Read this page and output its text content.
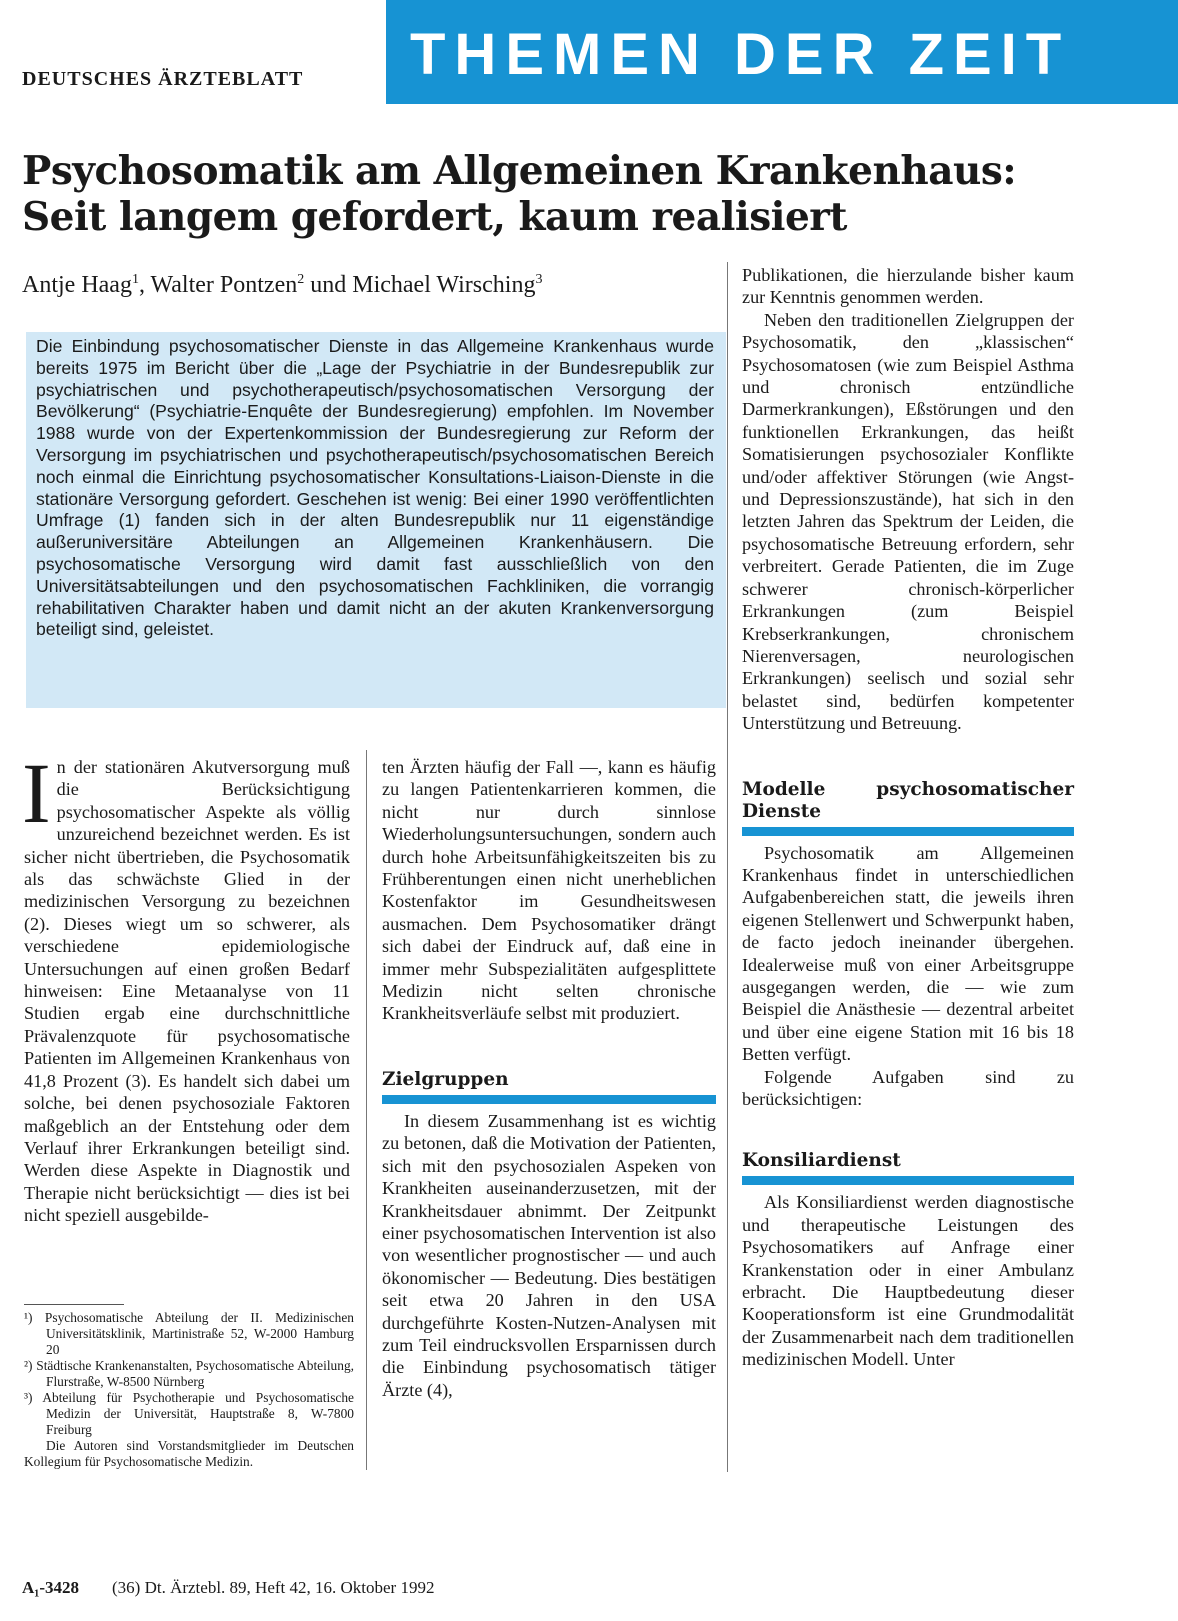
DEUTSCHES ÄRZTEBLATT THEMEN DER ZEIT
Psychosomatik am Allgemeinen Krankenhaus:
Seit langem gefordert, kaum realisiert
Antje Haag$^1$, Walter Pontzen$^2$ und Michael Wirsching$^3$
Die Einbindung psychosomatischer Dienste in das Allgemeine Krankenhaus wurde bereits 1975 im Bericht über die „Lage der Psychiatrie in der Bundesrepublik zur psychiatrischen und psychotherapeutisch/psychosomatischen Versorgung der Bevölkerung“ (Psychiatrie-Enquête der Bundesregierung) empfohlen. Im November 1988 wurde von der Expertenkommission der Bundesregierung zur Reform der Versorgung im psychiatrischen und psychotherapeutisch/psychosomatischen Bereich noch einmal die Einrichtung psychosomatischer Konsultations-Liaison-Dienste in die stationäre Versorgung gefordert. Geschehen ist wenig: Bei einer 1990 veröffentlichten Umfrage (1) fanden sich in der alten Bundesrepublik nur 11 eigenständige außeruniversitäre Abteilungen an Allgemeinen Krankenhäusern. Die psychosomatische Versorgung wird damit fast ausschließlich von den Universitätsabteilungen und den psychosomatischen Fachkliniken, die vorrangig rehabilitativen Charakter haben und damit nicht an der akuten Krankenversorgung beteiligt sind, geleistet.

In der stationären Akutversorgung muß die Berücksichtigung psychosomatischer Aspekte als völlig unzureichend bezeichnet werden. Es ist sicher nicht übertrieben, die Psychosomatik als das schwächste Glied in der medizinischen Versorgung zu bezeichnen (2). Dieses wiegt um so schwerer, als verschiedene epidemiologische Untersuchungen auf einen großen Bedarf hinweisen: Eine Metaanalyse von 11 Studien ergab eine durchschnittliche Prävalenzquote für psychosomatische Patienten im Allgemeinen Krankenhaus von 41,8 Prozent (3). Es handelt sich dabei um solche, bei denen psychosoziale Faktoren maßgeblich an der Entstehung oder dem Verlauf ihrer Erkrankungen beteiligt sind. Werden diese Aspekte in Diagnostik und Therapie nicht berücksichtigt — dies ist bei nicht speziell ausgebilde-

¹) Psychosomatische Abteilung der II. Medizinischen Universitätsklinik, Martinistraße 52, W-2000 Hamburg 20
²) Städtische Krankenanstalten, Psychosomatische Abteilung, Flurstraße, W-8500 Nürnberg
³) Abteilung für Psychotherapie und Psychosomatische Medizin der Universität, Hauptstraße 8, W-7800 Freiburg
Die Autoren sind Vorstandsmitglieder im Deutschen Kollegium für Psychosomatische Medizin.

ten Ärzten häufig der Fall —, kann es häufig zu langen Patientenkarrieren kommen, die nicht nur durch sinnlose Wiederholungsuntersuchungen, sondern auch durch hohe Arbeitsunfähigkeitszeiten bis zu Frühberentungen einen nicht unerheblichen Kostenfaktor im Gesundheitswesen ausmachen. Dem Psychosomatiker drängt sich dabei der Eindruck auf, daß eine in immer mehr Subspezialitäten aufgesplittete Medizin nicht selten chronische Krankheitsverläufe selbst mit produziert.

Zielgruppen

In diesem Zusammenhang ist es wichtig zu betonen, daß die Motivation der Patienten, sich mit den psychosozialen Aspeken von Krankheiten auseinanderzusetzen, mit der Krankheitsdauer abnimmt. Der Zeitpunkt einer psychosomatischen Intervention ist also von wesentlicher prognostischer — und auch ökonomischer — Bedeutung. Dies bestätigen seit etwa 20 Jahren in den USA durchgeführte Kosten-Nutzen-Analysen mit zum Teil eindrucksvollen Ersparnissen durch die Einbindung psychosomatisch tätiger Ärzte (4),

Publikationen, die hierzulande bisher kaum zur Kenntnis genommen werden.

Neben den traditionellen Zielgruppen der Psychosomatik, den „klassischen“ Psychosomatosen (wie zum Beispiel Asthma und chronisch entzündliche Darmerkrankungen), Eßstörungen und den funktionellen Erkrankungen, das heißt Somatisierungen psychosozialer Konflikte und/oder affektiver Störungen (wie Angst- und Depressionszustände), hat sich in den letzten Jahren das Spektrum der Leiden, die psychosomatische Betreuung erfordern, sehr verbreitert. Gerade Patienten, die im Zuge schwerer chronisch-körperlicher Erkrankungen (zum Beispiel Krebserkrankungen, chronischem Nierenversagen, neurologischen Erkrankungen) seelisch und sozial sehr belastet sind, bedürfen kompetenter Unterstützung und Betreuung.

Modelle psychosomatischer Dienste

Psychosomatik am Allgemeinen Krankenhaus findet in unterschiedlichen Aufgabenbereichen statt, die jeweils ihren eigenen Stellenwert und Schwerpunkt haben, de facto jedoch ineinander übergehen. Idealerweise muß von einer Arbeitsgruppe ausgegangen werden, die — wie zum Beispiel die Anästhesie — dezentral arbeitet und über eine eigene Station mit 16 bis 18 Betten verfügt.

Folgende Aufgaben sind zu berücksichtigen:

Konsiliardienst

Als Konsiliardienst werden diagnostische und therapeutische Leistungen des Psychosomatikers auf Anfrage einer Krankenstation oder in einer Ambulanz erbracht. Die Hauptbedeutung dieser Kooperationsform ist eine Grundmodalität der Zusammenarbeit nach dem traditionellen medizinischen Modell. Unter

A₁-3428 (36) Dt. Ärztebl. 89, Heft 42, 16. Oktober 1992
